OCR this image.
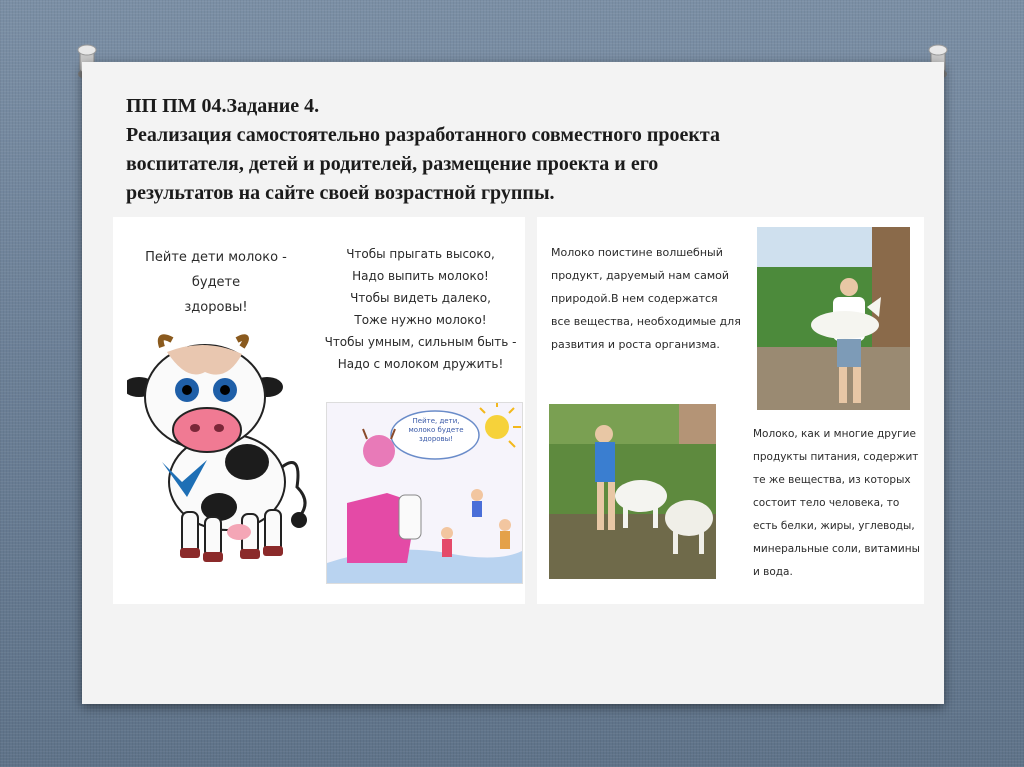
ПП ПМ 04.Задание 4.
Реализация самостоятельно разработанного совместного проекта
воспитателя, детей и родителей, размещение проекта и его
результатов на сайте своей возрастной группы.

Пейте дети молоко - будете
здоровы!

Чтобы прыгать высоко,
Надо выпить молоко!
Чтобы видеть далеко,
Тоже нужно молоко!
Чтобы умным, сильным быть -
Надо с молоком дружить!

Пейте, дети,
молоко будете
здоровы!

Молоко поистине волшебный
продукт, даруемый нам самой
природой.В нем содержатся
все вещества, необходимые для
развития и роста организма.

Молоко, как и многие другие
продукты питания, содержит
те же вещества, из которых
состоит тело человека, то
есть белки, жиры, углеводы,
минеральные соли, витамины
и вода.
